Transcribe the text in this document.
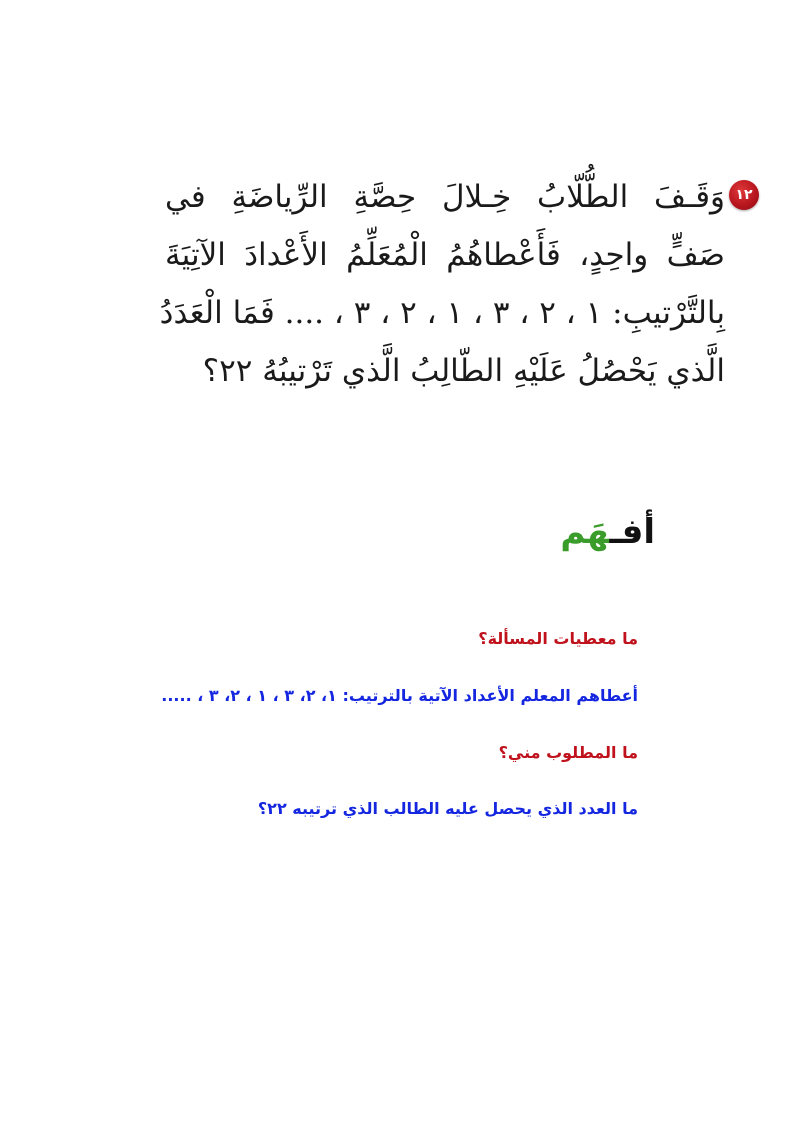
١٢
وَقَـفَ الطُّلّابُ خِـلالَ حِصَّةِ الرِّياضَةِ في
صَفٍّ واحِدٍ، فَأَعْطاهُمُ الْمُعَلِّمُ الأَعْدادَ الآتِيَةَ
بِالتَّرْتيبِ: ١ ، ٢ ، ٣ ، ١ ، ٢ ، ٣ ، .... فَمَا الْعَدَدُ
الَّذي يَحْصُلُ عَلَيْهِ الطّالِبُ الَّذي تَرْتيبُهُ ٢٢؟
أفـهَم
ما معطيات المسألة؟
أعطاهم المعلم الأعداد الآتية بالترتيب: ١، ٢، ٣ ، ١ ، ٢، ٣ ، .....
ما المطلوب مني؟
ما العدد الذي يحصل عليه الطالب الذي ترتيبه ٢٢؟
